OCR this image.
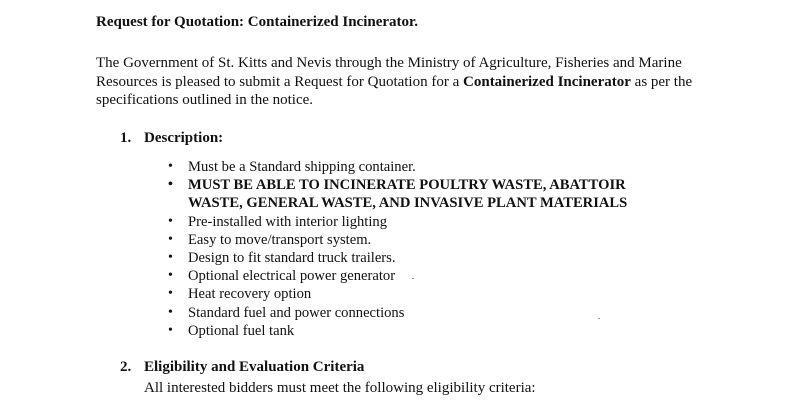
Request for Quotation: Containerized Incinerator.
The Government of St. Kitts and Nevis through the Ministry of Agriculture, Fisheries and Marine Resources is pleased to submit a Request for Quotation for a Containerized Incinerator as per the specifications outlined in the notice.
1. Description:
• Must be a Standard shipping container.
• MUST BE ABLE TO INCINERATE POULTRY WASTE, ABATTOIR
WASTE, GENERAL WASTE, AND INVASIVE PLANT MATERIALS
• Pre-installed with interior lighting
• Easy to move/transport system.
• Design to fit standard truck trailers.
• Optional electrical power generator
• Heat recovery option
• Standard fuel and power connections
• Optional fuel tank
2. Eligibility and Evaluation Criteria
All interested bidders must meet the following eligibility criteria:
